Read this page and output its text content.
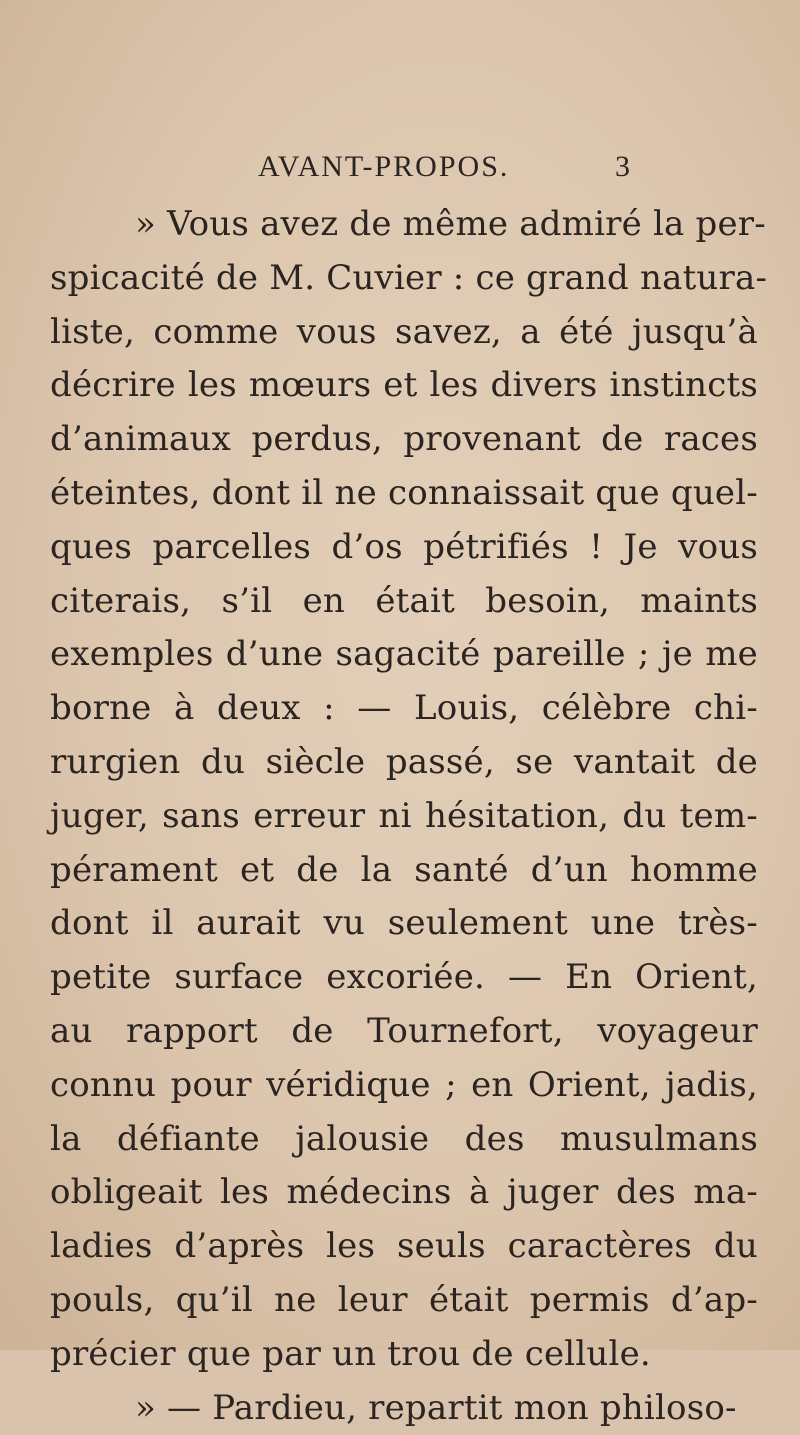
AVANT-PROPOS.	3
» Vous avez de même admiré la per-
spicacité de M. Cuvier : ce grand natura-
liste, comme vous savez, a été jusqu’à
décrire les mœurs et les divers instincts
d’animaux perdus, provenant de races
éteintes, dont il ne connaissait que quel-
ques parcelles d’os pétrifiés ! Je vous
citerais, s’il en était besoin, maints
exemples d’une sagacité pareille ; je me
borne à deux : — Louis, célèbre chi-
rurgien du siècle passé, se vantait de
juger, sans erreur ni hésitation, du tem-
pérament et de la santé d’un homme
dont il aurait vu seulement une très-
petite surface excoriée. — En Orient,
au rapport de Tournefort, voyageur
connu pour véridique ; en Orient, jadis,
la défiante jalousie des musulmans
obligeait les médecins à juger des ma-
ladies d’après les seuls caractères du
pouls, qu’il ne leur était permis d’ap-
précier que par un trou de cellule.
» — Pardieu, repartit mon philoso-
